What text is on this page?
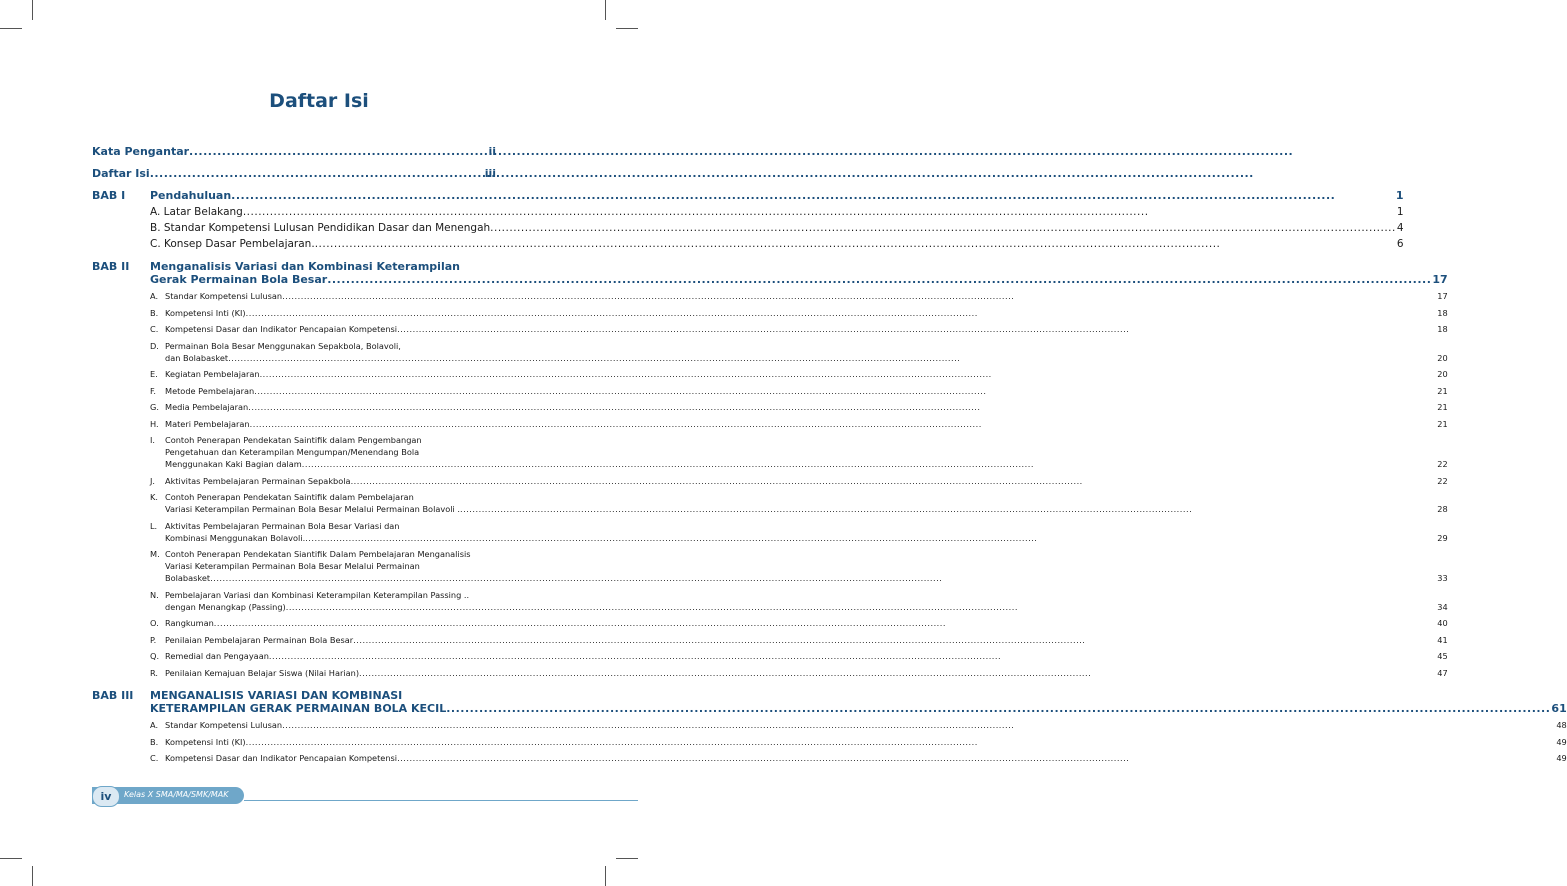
Daftar Isi
Kata Pengantar .....	ii
Daftar Isi .....	iii
BAB I	Pendahuluan .....	1
A. Latar Belakang .....	1
B. Standar Kompetensi Lulusan Pendidikan Dasar dan Menengah .....	4
C. Konsep Dasar Pembelajaran. .....	6
BAB II	Menganalisis Variasi dan Kombinasi Keterampilan
Gerak Permainan Bola Besar .....	17
A. Standar Kompetensi Lulusan .....	17
B. Kompetensi Inti (KI) .....	18
C. Kompetensi Dasar dan Indikator Pencapaian Kompetensi .....	18
D. Permainan Bola Besar Menggunakan Sepakbola, Bolavoli,
dan Bolabasket .....	20
E. Kegiatan Pembelajaran .....	20
F.	Metode Pembelajaran .....	21
G. Media Pembelajaran .....	21
H. Materi Pembelajaran .....	21
I.	Contoh Penerapan Pendekatan Saintifik dalam Pengembangan
Pengetahuan dan Keterampilan Mengumpan/Menendang Bola
Menggunakan Kaki Bagian dalam .....	22
J.	Aktivitas Pembelajaran Permainan Sepakbola .....	22
K. Contoh Penerapan Pendekatan Saintifik dalam Pembelajaran
Variasi Keterampilan Permainan Bola Besar Melalui Permainan Bolavoli . .....	28
L. Aktivitas Pembelajaran Permainan Bola Besar Variasi dan
Kombinasi Menggunakan Bolavoli. .....	29
M. Contoh Penerapan Pendekatan Siantifik Dalam Pembelajaran Menganalisis
Variasi Keterampilan Permainan Bola Besar Melalui Permainan
Bolabasket .....	33
N. Pembelajaran Variasi dan Kombinasi Keterampilan Keterampilan Passing ..
dengan Menangkap (Passing) .....	34
O. Rangkuman .....	40
P.	Penilaian Pembelajaran Permainan Bola Besar .....	41
Q. Remedial dan Pengayaan .....	45
R. Penilaian Kemajuan Belajar Siswa (Nilai Harian) .....	47
BAB III	MENGANALISIS VARIASI DAN KOMBINASI
KETERAMPILAN GERAK PERMAINAN BOLA KECIL .....	61
A. Standar Kompetensi Lulusan .....	48
B. Kompetensi Inti (KI) .....	49
C. Kompetensi Dasar dan Indikator Pencapaian Kompetensi .....	49
iv	Kelas X SMA/MA/SMK/MAK
